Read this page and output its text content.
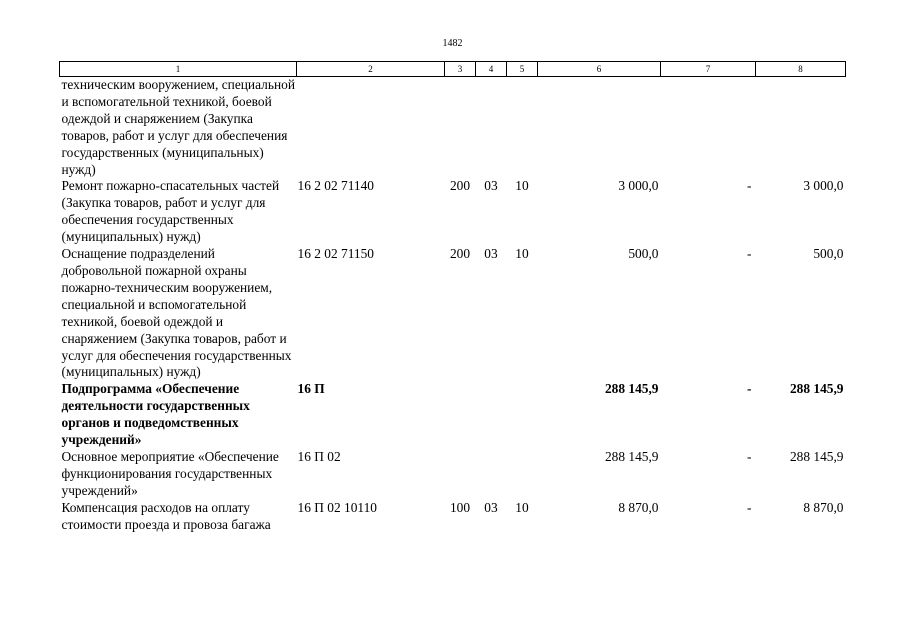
1482
1	2	3	4	5	6	7	8
техническим вооружением, специальной и вспомогательной техникой, боевой одеждой и снаряжением (Закупка товаров, работ и услуг для обеспечения государственных (муниципальных) нужд)							
Ремонт пожарно-спасательных частей (Закупка товаров, работ и услуг для обеспечения государственных (муниципальных) нужд)	16 2 02 71140	200	03	10	3 000,0	-	3 000,0
Оснащение подразделений добровольной пожарной охраны пожарно-техническим вооружением, специальной и вспомогательной техникой, боевой одеждой и снаряжением (Закупка товаров, работ и услуг для обеспечения государственных (муниципальных) нужд)	16 2 02 71150	200	03	10	500,0	-	500,0
Подпрограмма «Обеспечение деятельности государственных органов и подведомственных учреждений»	16 П				288 145,9	-	288 145,9
Основное мероприятие «Обеспечение функционирования государственных учреждений»	16 П 02				288 145,9	-	288 145,9
Компенсация расходов на оплату стоимости проезда и провоза багажа	16 П 02 10110	100	03	10	8 870,0	-	8 870,0
